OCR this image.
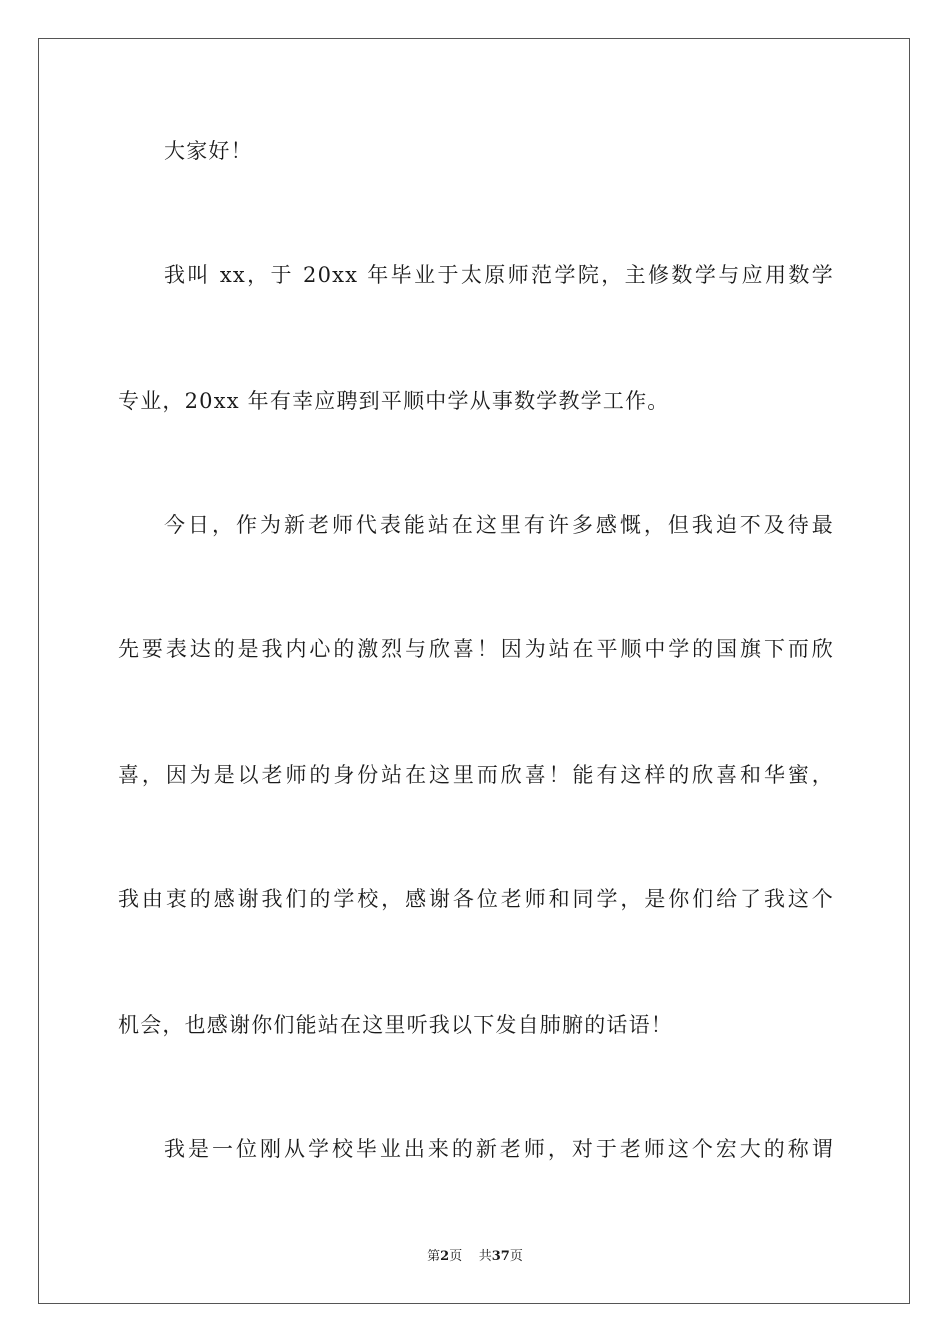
大家好！
我叫 xx，于 20xx 年毕业于太原师范学院，主修数学与应用数学
专业，20xx 年有幸应聘到平顺中学从事数学教学工作。
今日，作为新老师代表能站在这里有许多感慨，但我迫不及待最
先要表达的是我内心的激烈与欣喜！因为站在平顺中学的国旗下而欣
喜，因为是以老师的身份站在这里而欣喜！能有这样的欣喜和华蜜，
我由衷的感谢我们的学校，感谢各位老师和同学，是你们给了我这个
机会，也感谢你们能站在这里听我以下发自肺腑的话语！
我是一位刚从学校毕业出来的新老师，对于老师这个宏大的称谓
第2页 共37页
